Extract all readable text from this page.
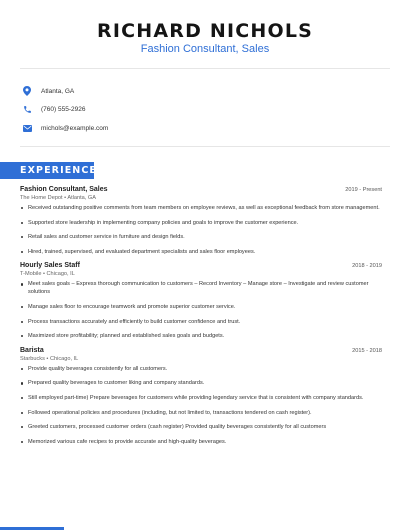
RICHARD NICHOLS
Fashion Consultant, Sales
Atlanta, GA
(760) 555-2926
michols@example.com
EXPERIENCE
Fashion Consultant, Sales	2019 - Present
The Home Depot • Atlanta, GA
Received outstanding positive comments from team members on employee reviews, as well as exceptional feedback from store management.
Supported store leadership in implementing company policies and goals to improve the customer experience.
Retail sales and customer service in furniture and design fields.
Hired, trained, supervised, and evaluated department specialists and sales floor employees.
Hourly Sales Staff	2018 - 2019
T-Mobile • Chicago, IL
Meet sales goals – Express thorough communication to customers – Record Inventory – Manage store – Investigate and review customer solutions
Manage sales floor to encourage teamwork and promote superior customer service.
Process transactions accurately and efficiently to build customer confidence and trust.
Maximized store profitability; planned and established sales goals and budgets.
Barista	2015 - 2018
Starbucks • Chicago, IL
Provide quality beverages consistently for all customers.
Prepared quality beverages to customer liking and company standards.
Still employed part-time) Prepare beverages for customers while providing legendary service that is consistent with company standards.
Followed operational policies and procedures (including, but not limited to, transactions tendered on cash register).
Greeted customers, processed customer orders (cash register) Provided quality beverages consistently for all customers
Memorized various cafe recipes to provide accurate and high-quality beverages.
